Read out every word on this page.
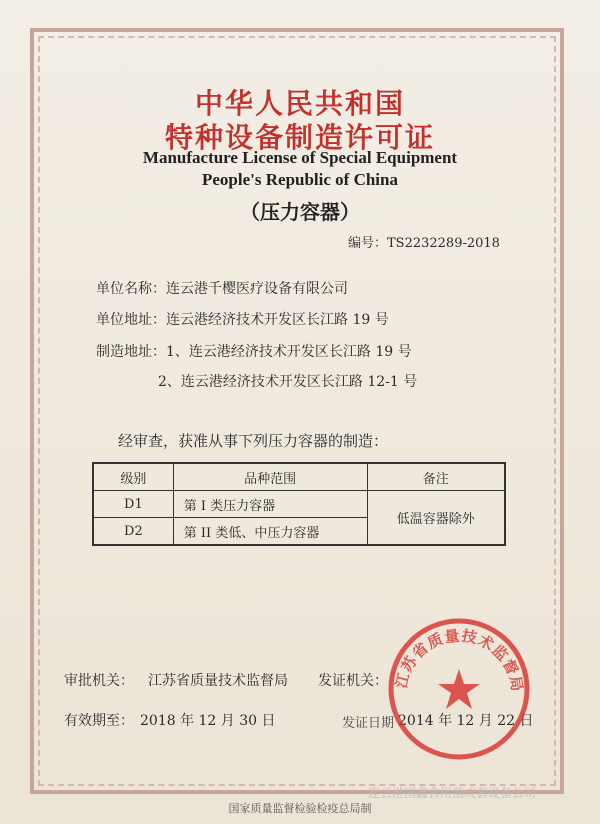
中华人民共和国
特种设备制造许可证
Manufacture License of Special Equipment
People's Republic of China
（压力容器）
编号：TS2232289-2018
单位名称：连云港千樱医疗设备有限公司
单位地址：连云港经济技术开发区长江路 19 号
制造地址：1、连云港经济技术开发区长江路 19 号
2、连云港经济技术开发区长江路 12-1 号
经审查，获准从事下列压力容器的制造：
级别	品种范围	备注
D1	第 I 类压力容器	低温容器除外
D2	第 II 类低、中压力容器	
审批机关： 江苏省质量技术监督局 发证机关：
有效期至： 2018 年 12 月 30 日	发证日期 2014 年 12 月 22 日
江苏省质量技术监督局
连云港国鑫食用菌成套设备公司
国家质量监督检验检疫总局制
